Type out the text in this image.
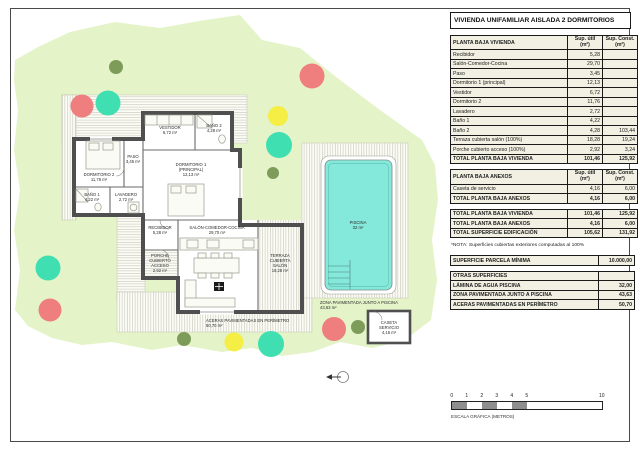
DORMITORIO 2
11,76 m²
BAÑO 1
4,22 m²
LAVADERO
2,72 m²
PASO
3,45 m²
VESTIDOR
6,72 m²
BAÑO 2
4,28 m²
DORMITORIO 1
(PRINCIPAL)
12,13 m²
RECIBIDOR
5,28 m²
PORCHE
CUBIERTO
ACCESO
2,92 m²
SALÓN-COMEDOR-COCINA
29,70 m²
TERRAZA
CUBIERTA
SALÓN
18,28 m²
PISCINA
32 m²
ZONA PAVIMENTADA JUNTO A PISCINA
43,63 m²
ACERAS PAVIMENTADAS EN PERÍMETRO
50,70 m²
CASETA
SERVICIO
4,16 m²
VIVIENDA UNIFAMILIAR AISLADA 2 DORMITORIOS
PLANTA BAJA VIVIENDA	Sup. útil
(m²)	Sup. Const.
(m²)
Recibidor	5,28	
Salón-Comedor-Cocina	29,70	
Paso	3,45	
Dormitorio 1 (principal)	12,13	
Vestidor	6,72	
Dormitorio 2	11,76	
Lavadero	2,72	
Baño 1	4,22	
Baño 2	4,28	103,44
Terraza cubierta salón (100%)	18,28	19,24
Porche cubierto acceso (100%)	2,92	3,24
TOTAL PLANTA BAJA VIVIENDA	101,46	125,92
PLANTA BAJA ANEXOS	Sup. útil
(m²)	Sup. Const.
(m²)
Caseta de servicio	4,16	6,00
TOTAL PLANTA BAJA ANEXOS	4,16	6,00
TOTAL PLANTA BAJA VIVIENDA	101,46	125,92
TOTAL PLANTA BAJA ANEXOS	4,16	6,00
TOTAL SUPERFICIE EDIFICACIÓN	105,62	131,92
*NOTA: Superficies cubiertas exteriores computadas al 100%
SUPERFICIE PARCELA MÍNIMA	10.000,00
OTRAS SUPERFICIES	
LÁMINA DE AGUA PISCINA	32,00
ZONA PAVIMENTADA JUNTO A PISCINA	43,63
ACERAS PAVIMENTADAS EN PERÍMETRO	50,70
0 1 2 3 4 5	10
ESCALA GRÁFICA (METROS)
